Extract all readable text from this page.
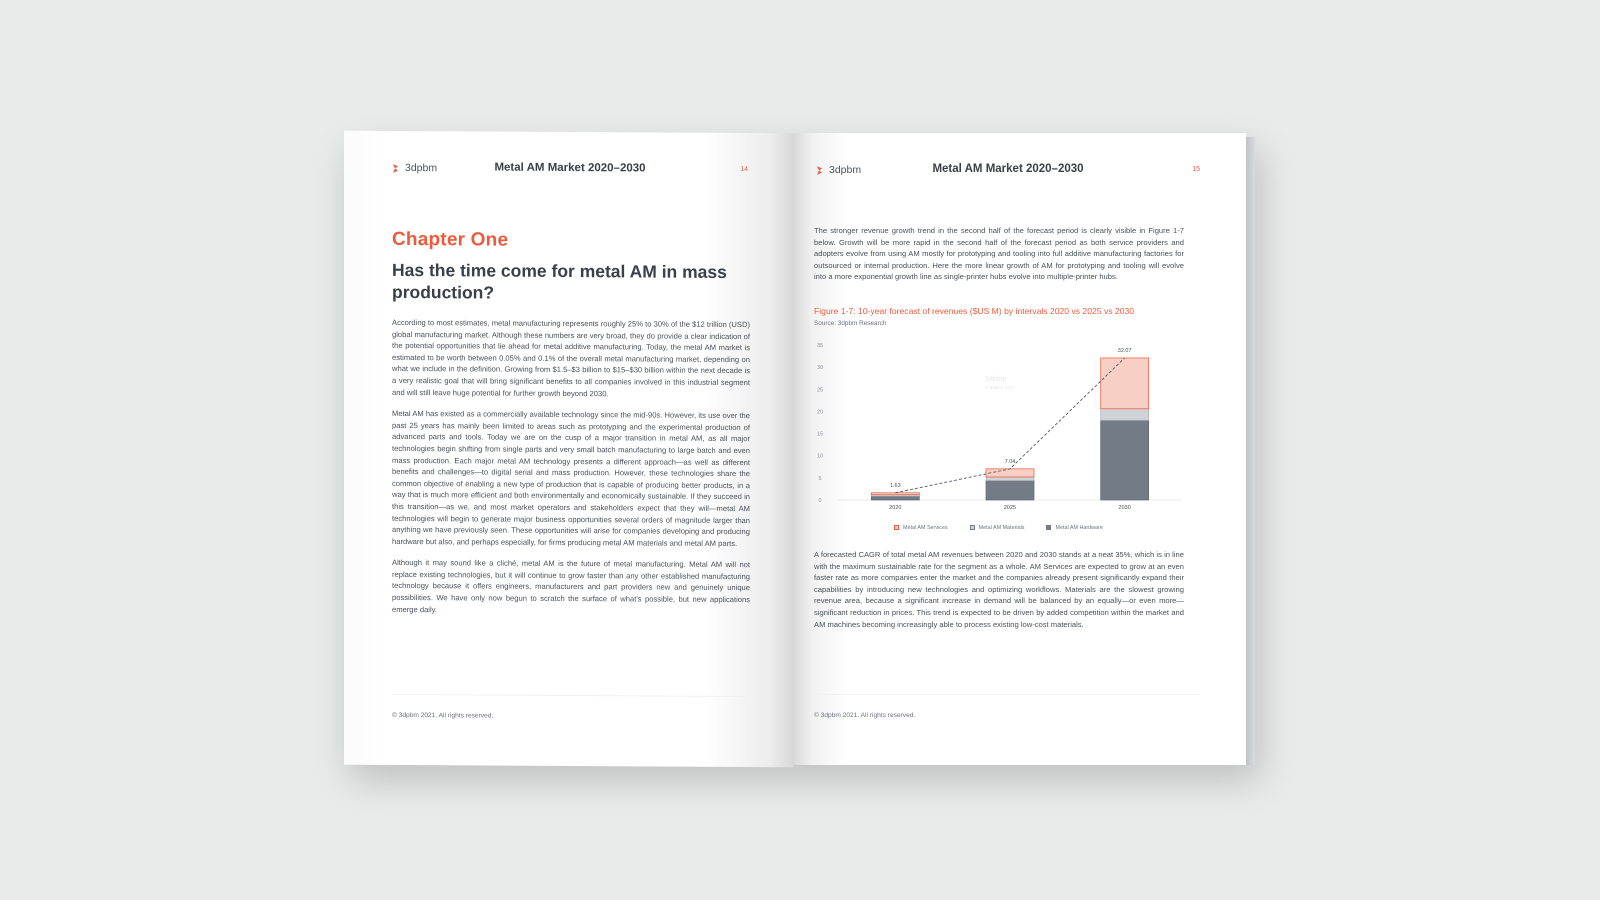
3dpbm	Metal AM Market 2020–2030	14
Chapter One
Has the time come for metal AM in mass production?

According to most estimates, metal manufacturing represents roughly 25% to 30% of the $12 trillion (USD) global manufacturing market. Although these numbers are very broad, they do provide a clear indication of the potential opportunities that lie ahead for metal additive manufacturing. Today, the metal AM market is estimated to be worth between 0.05% and 0.1% of the overall metal manufacturing market, depending on what we include in the definition. Growing from $1.5–$3 billion to $15–$30 billion within the next decade is a very realistic goal that will bring significant benefits to all companies involved in this industrial segment and will still leave huge potential for further growth beyond 2030.

Metal AM has existed as a commercially available technology since the mid-90s. However, its use over the past 25 years has mainly been limited to areas such as prototyping and the experimental production of advanced parts and tools. Today we are on the cusp of a major transition in metal AM, as all major technologies begin shifting from single parts and very small batch manufacturing to large batch and even mass production. Each major metal AM technology presents a different approach—as well as different benefits and challenges—to digital serial and mass production. However, these technologies share the common objective of enabling a new type of production that is capable of producing better products, in a way that is much more efficient and both environmentally and economically sustainable. If they succeed in this transition—as we, and most market operators and stakeholders expect that they will—metal AM technologies will begin to generate major business opportunities several orders of magnitude larger than anything we have previously seen. These opportunities will arise for companies developing and producing hardware but also, and perhaps especially, for firms producing metal AM materials and metal AM parts.

Although it may sound like a cliché, metal AM is the future of metal manufacturing. Metal AM will not replace existing technologies, but it will continue to grow faster than any other established manufacturing technology because it offers engineers, manufacturers and part providers new and genuinely unique possibilities. We have only now begun to scratch the surface of what's possible, but new applications emerge daily.

© 3dpbm 2021. All rights reserved.
3dpbm	Metal AM Market 2020–2030	15

The stronger revenue growth trend in the second half of the forecast period is clearly visible in Figure 1-7 below. Growth will be more rapid in the second half of the forecast period as both service providers and adopters evolve from using AM mostly for prototyping and tooling into full additive manufacturing factories for outsourced or internal production. Here the more linear growth of AM for prototyping and tooling will evolve into a more exponential growth line as single-printer hubs evolve into multiple-printer hubs.

Figure 1-7: 10-year forecast of revenues ($US M) by intervals 2020 vs 2025 vs 2030
Source: 3dpbm Research
0
5
10
15
20
25
30
35
3dpbm
© 3dpbm 2021
1.63
2020
7.04
2025
32.07
2030
Metal AM Services	Metal AM Materials	Metal AM Hardware

A forecasted CAGR of total metal AM revenues between 2020 and 2030 stands at a neat 35%, which is in line with the maximum sustainable rate for the segment as a whole. AM Services are expected to grow at an even faster rate as more companies enter the market and the companies already present significantly expand their capabilities by introducing new technologies and optimizing workflows. Materials are the slowest growing revenue area, because a significant increase in demand will be balanced by an equally—or even more—significant reduction in prices. This trend is expected to be driven by added competition within the market and AM machines becoming increasingly able to process existing low-cost materials.

© 3dpbm 2021. All rights reserved.
